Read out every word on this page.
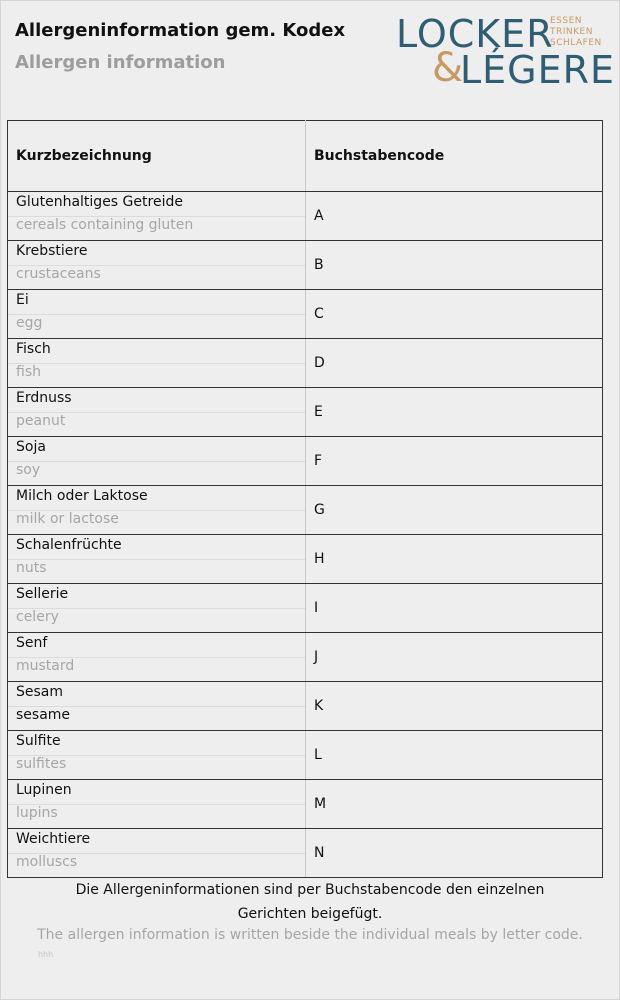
Allergeninformation gem. Kodex
Allergen information
LOCKER
&
LÉGERE
ESSEN
TRINKEN
SCHLAFEN
Kurzbezeichnung	Buchstabencode

Glutenhaltiges Getreide
cereals containing gluten	A

Krebstiere
crustaceans	B

Ei
egg	C

Fisch
fish	D

Erdnuss
peanut	E

Soja
soy	F

Milch oder Laktose
milk or lactose	G

Schalenfrüchte
nuts	H

Sellerie
celery	I

Senf
mustard	J

Sesam
sesame	K

Sulfite
sulfites	L

Lupinen
lupins	M

Weichtiere
molluscs	N

Die Allergeninformationen sind per Buchstabencode den einzelnen Gerichten beigefügt.

The allergen information is written beside the individual meals by letter code.

hhh
